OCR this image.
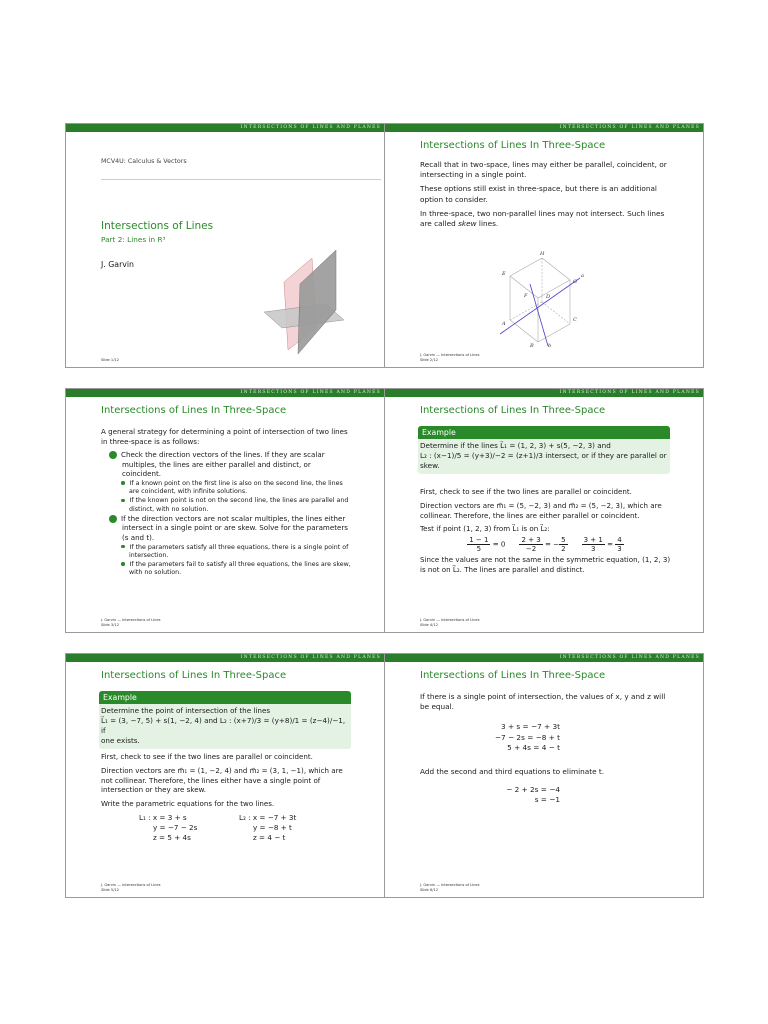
INTERSECTIONS OF LINES AND PLANES
MCV4U: Calculus & Vectors
Intersections of Lines
Part 2: Lines in R³
J. Garvin
Slide 1/12
INTERSECTIONS OF LINES AND PLANES
Intersections of Lines In Three-Space

Recall that in two-space, lines may either be parallel, coincident, or intersecting in a single point.

These options still exist in three-space, but there is an additional option to consider.

In three-space, two non-parallel lines may not intersect. Such lines are called skew lines.

H
E
F
G
D
C
A
B
a
b
J. Garvin — Intersections of Lines
Slide 2/12
INTERSECTIONS OF LINES AND PLANES
Intersections of Lines In Three-Space

A general strategy for determining a point of intersection of two lines in three-space is as follows:

1 Check the direction vectors of the lines. If they are scalar multiples, the lines are either parallel and distinct, or coincident.
If a known point on the first line is also on the second line, the lines are coincident, with infinite solutions.
If the known point is not on the second line, the lines are parallel and distinct, with no solution.
2 If the direction vectors are not scalar multiples, the lines either intersect in a single point or are skew. Solve for the parameters (s and t).
If the parameters satisfy all three equations, there is a single point of intersection.
If the parameters fail to satisfy all three equations, the lines are skew, with no solution.
J. Garvin — Intersections of Lines
Slide 3/12
INTERSECTIONS OF LINES AND PLANES
Intersections of Lines In Three-Space
Example
Determine if the lines L⃗₁ = (1, 2, 3) + s(5, −2, 3) and
L₂ : (x−1)/5 = (y+3)/−2 = (z+1)/3 intersect, or if they are parallel or
skew.

First, check to see if the two lines are parallel or coincident.

Direction vectors are m⃗₁ = (5, −2, 3) and m⃗₂ = (5, −2, 3), which are collinear. Therefore, the lines are either parallel or coincident.

Test if point (1, 2, 3) from L⃗₁ is on L⃗₂:

$\frac{1 - 1}{5} = 0 \frac{2 + 3}{-2}$ = − $\frac{5}{2} \frac{3 + 1}{3} = \frac{4}{3}$

Since the values are not the same in the symmetric equation, (1, 2, 3) is not on L⃗₂. The lines are parallel and distinct.

J. Garvin — Intersections of Lines
Slide 4/12
INTERSECTIONS OF LINES AND PLANES
Intersections of Lines In Three-Space
Example
Determine the point of intersection of the lines
L⃗₁ = (3, −7, 5) + s(1, −2, 4) and L₂ : (x+7)/3 = (y+8)/1 = (z−4)/−1, if
one exists.

First, check to see if the two lines are parallel or coincident.

Direction vectors are m⃗₁ = (1, −2, 4) and m⃗₂ = (3, 1, −1), which are not collinear. Therefore, the lines either have a single point of intersection or they are skew.

Write the parametric equations for the two lines.

L₁ : x = 3 + s
y = −7 − 2s
z = 5 + 4s
L₂ : x = −7 + 3t
y = −8 + t
z = 4 − t
J. Garvin — Intersections of Lines
Slide 5/12
INTERSECTIONS OF LINES AND PLANES
Intersections of Lines In Three-Space

If there is a single point of intersection, the values of x, y and z will be equal.

3 + s = −7 + 3t
−7 − 2s = −8 + t
5 + 4s = 4 − t

Add the second and third equations to eliminate t.

− 2 + 2s = −4
s = −1
J. Garvin — Intersections of Lines
Slide 6/12
